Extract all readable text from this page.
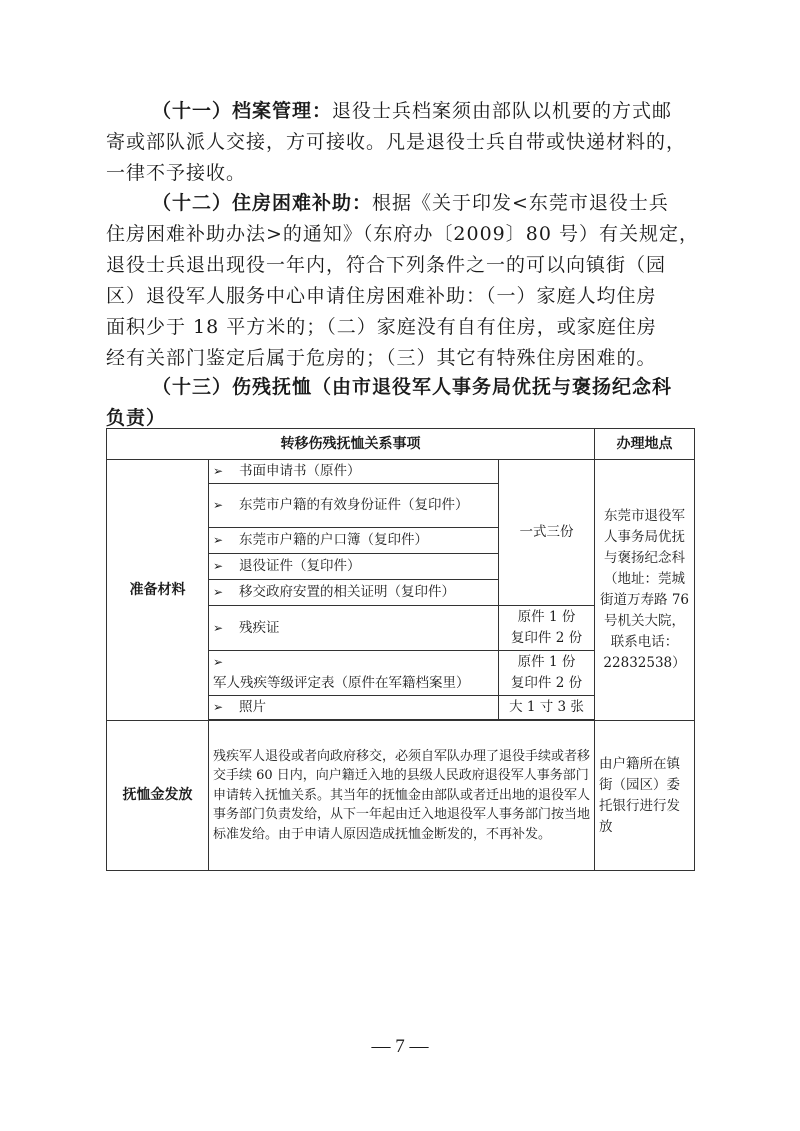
（十一）档案管理：退役士兵档案须由部队以机要的方式邮
寄或部队派人交接，方可接收。凡是退役士兵自带或快递材料的，
一律不予接收。
（十二）住房困难补助：根据《关于印发<东莞市退役士兵
住房困难补助办法>的通知》（东府办〔2009〕80 号）有关规定，
退役士兵退出现役一年内，符合下列条件之一的可以向镇街（园
区）退役军人服务中心申请住房困难补助：（一）家庭人均住房
面积少于 18 平方米的；（二）家庭没有自有住房，或家庭住房
经有关部门鉴定后属于危房的；（三）其它有特殊住房困难的。
（十三）伤残抚恤（由市退役军人事务局优抚与褒扬纪念科
负责）
转移伤残抚恤关系事项			办理地点
准备材料	➢ 书面申请书（原件）	一式三份	东莞市退役军人事务局优抚与褒扬纪念科（地址：莞城街道万寿路 76 号机关大院，联系电话：22832538）
	➢ 东莞市户籍的有效身份证件（复印件）		
	➢ 东莞市户籍的户口簿（复印件）		
	➢ 退役证件（复印件）		
	➢ 移交政府安置的相关证明（复印件）		
	➢ 残疾证	原件 1 份
复印件 2 份	
	➢军人残疾等级评定表（原件在军籍档案里）	原件 1 份
复印件 2 份	
	➢ 照片	大 1 寸 3 张	

抚恤金发放	残疾军人退役或者向政府移交，必须自军队办理了退役手续或者移交手续 60 日内，向户籍迁入地的县级人民政府退役军人事务部门申请转入抚恤关系。其当年的抚恤金由部队或者迁出地的退役军人事务部门负责发给，从下一年起由迁入地退役军人事务部门按当地标准发给。由于申请人原因造成抚恤金断发的，不再补发。		由户籍所在镇街（园区）委托银行进行发放
— 7 —
